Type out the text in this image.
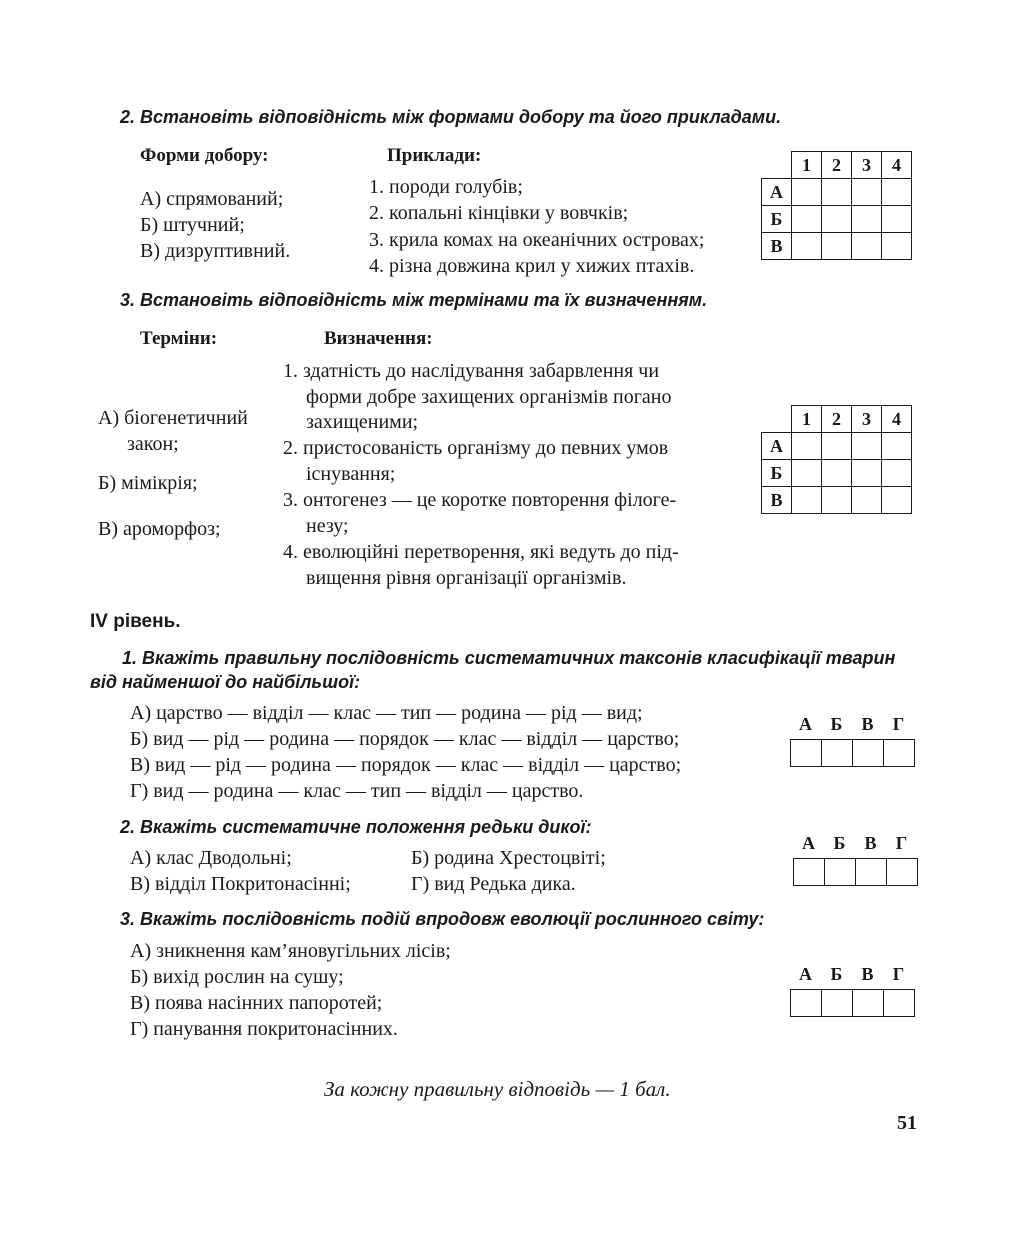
2. Встановіть відповідність між формами добору та його прикладами.
Форми добору:	Приклади:
А) спрямований;
Б) штучний;
В) дизруптивний.
1. породи голубів;
2. копальні кінцівки у вовчків;
3. крила комах на океанічних островах;
4. різна довжина крил у хижих птахів.
	1	2	3	4
А				
Б				
В				
3. Встановіть відповідність між термінами та їх визначенням.
Терміни:	Визначення:
А) біогенетичний
закон;
Б) мімікрія;
В) ароморфоз;
1. здатність до наслідування забарвлення чи
форми добре захищених організмів погано
захищеними;
2. пристосованість організму до певних умов
існування;
3. онтогенез — це коротке повторення філоге-
незу;
4. еволюційні перетворення, які ведуть до під-
вищення рівня організації організмів.
	1	2	3	4
А				
Б				
В				
IV рівень.
1. Вкажіть правильну послідовність систематичних таксонів класифікації тварин
від найменшої до найбільшої:
А) царство — відділ — клас — тип — родина — рід — вид;
Б) вид — рід — родина — порядок — клас — відділ — царство;
В) вид — рід — родина — порядок — клас — відділ — царство;
Г) вид — родина — клас — тип — відділ — царство.
А	Б	В	Г
2. Вкажіть систематичне положення редьки дикої:
А) клас Дводольні;	Б) родина Хрестоцвіті;
В) відділ Покритонасінні;	Г) вид Редька дика.
А	Б	В	Г
3. Вкажіть послідовність подій впродовж еволюції рослинного світу:
А) зникнення кам’яновугільних лісів;
Б) вихід рослин на сушу;
В) поява насінних папоротей;
Г) панування покритонасінних.
А	Б	В	Г
За кожну правильну відповідь — 1 бал.
51
